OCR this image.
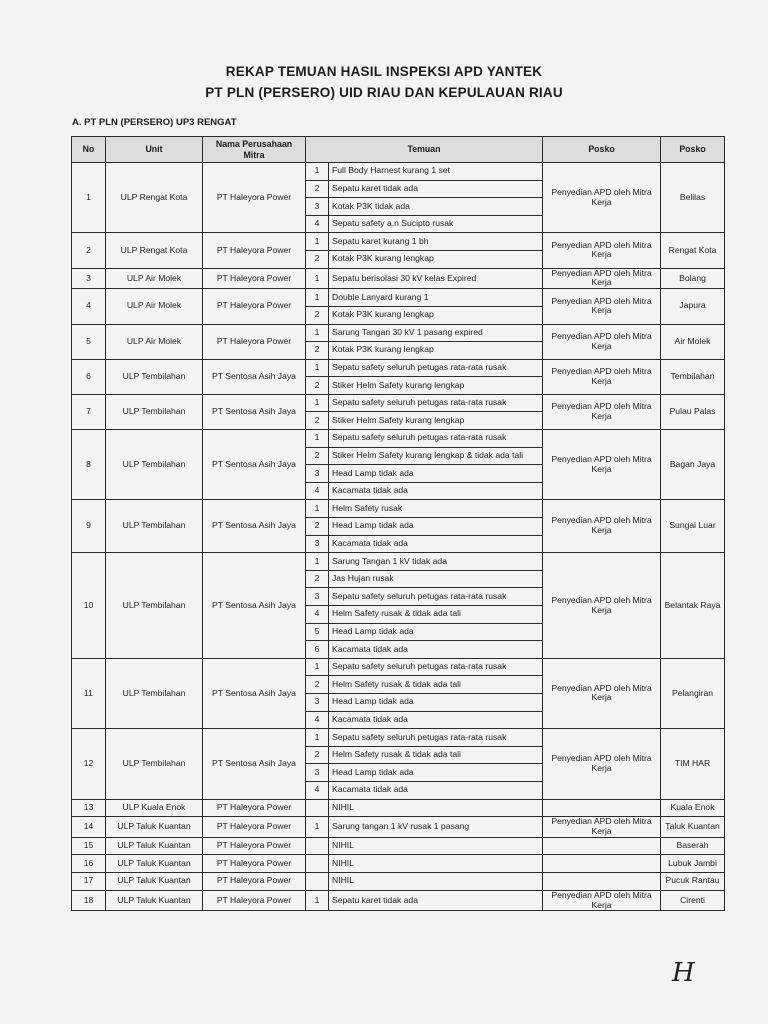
REKAP TEMUAN HASIL INSPEKSI APD YANTEK
PT PLN (PERSERO) UID RIAU DAN KEPULAUAN RIAU
A. PT PLN (PERSERO) UP3 RENGAT
No	Unit	Nama Perusahaan Mitra	Temuan		Posko	Posko
1	ULP Rengat Kota	PT Haleyora Power	1	Full Body Harnest kurang 1 set	Penyedian APD oleh Mitra Kerja	Belilas
			2	Sepatu karet tidak ada		
			3	Kotak P3K tidak ada		
			4	Sepatu safety a.n Sucipto rusak		
2	ULP Rengat Kota	PT Haleyora Power	1	Sepatu karet kurang 1 bh	Penyedian APD oleh Mitra Kerja	Rengat Kota
			2	Kotak P3K kurang lengkap		
3	ULP Air Molek	PT Haleyora Power	1	Sepatu berisolasi 30 kV kelas Expired	Penyedian APD oleh Mitra Kerja	Bolang
4	ULP Air Molek	PT Haleyora Power	1	Double Lanyard kurang 1	Penyedian APD oleh Mitra Kerja	Japura
			2	Kotak P3K kurang lengkap		
5	ULP Air Molek	PT Haleyora Power	1	Sarung Tangan 30 kV 1 pasang expired	Penyedian APD oleh Mitra Kerja	Air Molek
			2	Kotak P3K kurang lengkap		
6	ULP Tembilahan	PT Sentosa Asih Jaya	1	Sepatu safety seluruh petugas rata-rata rusak	Penyedian APD oleh Mitra Kerja	Tembilahan
			2	Stiker Helm Safety kurang lengkap		
7	ULP Tembilahan	PT Sentosa Asih Jaya	1	Sepatu safety seluruh petugas rata-rata rusak	Penyedian APD oleh Mitra Kerja	Pulau Palas
			2	Stiker Helm Safety kurang lengkap		
8	ULP Tembilahan	PT Sentosa Asih Jaya	1	Sepatu safety seluruh petugas rata-rata rusak	Penyedian APD oleh Mitra Kerja	Bagan Jaya
			2	Stiker Helm Safety kurang lengkap & tidak ada tali		
			3	Head Lamp tidak ada		
			4	Kacamata tidak ada		
9	ULP Tembilahan	PT Sentosa Asih Jaya	1	Helm Safety rusak	Penyedian APD oleh Mitra Kerja	Sungai Luar
			2	Head Lamp tidak ada		
			3	Kacamata tidak ada		
10	ULP Tembilahan	PT Sentosa Asih Jaya	1	Sarung Tangan 1 kV tidak ada	Penyedian APD oleh Mitra Kerja	Belantak Raya
			2	Jas Hujan rusak		
			3	Sepatu safety seluruh petugas rata-rata rusak		
			4	Helm Safety rusak & tidak ada tali		
			5	Head Lamp tidak ada		
			6	Kacamata tidak ada		
11	ULP Tembilahan	PT Sentosa Asih Jaya	1	Sepatu safety seluruh petugas rata-rata rusak	Penyedian APD oleh Mitra Kerja	Pelangiran
			2	Helm Safety rusak & tidak ada tali		
			3	Head Lamp tidak ada		
			4	Kacamata tidak ada		
12	ULP Tembilahan	PT Sentosa Asih Jaya	1	Sepatu safety seluruh petugas rata-rata rusak	Penyedian APD oleh Mitra Kerja	TIM HAR
			2	Helm Safety rusak & tidak ada tali		
			3	Head Lamp tidak ada		
			4	Kacamata tidak ada		
13	ULP Kuala Enok	PT Haleyora Power		NIHIL		Kuala Enok
14	ULP Taluk Kuantan	PT Haleyora Power	1	Sarung tangan 1 kV rusak 1 pasang	Penyedian APD oleh Mitra Kerja	Taluk Kuantan
15	ULP Taluk Kuantan	PT Haleyora Power		NIHIL		Baserah
16	ULP Taluk Kuantan	PT Haleyora Power		NIHIL		Lubuk Jambi
17	ULP Taluk Kuantan	PT Haleyora Power		NIHIL		Pucuk Rantau
18	ULP Taluk Kuantan	PT Haleyora Power	1	Sepatu karet tidak ada	Penyedian APD oleh Mitra Kerja	Cirenti
H
